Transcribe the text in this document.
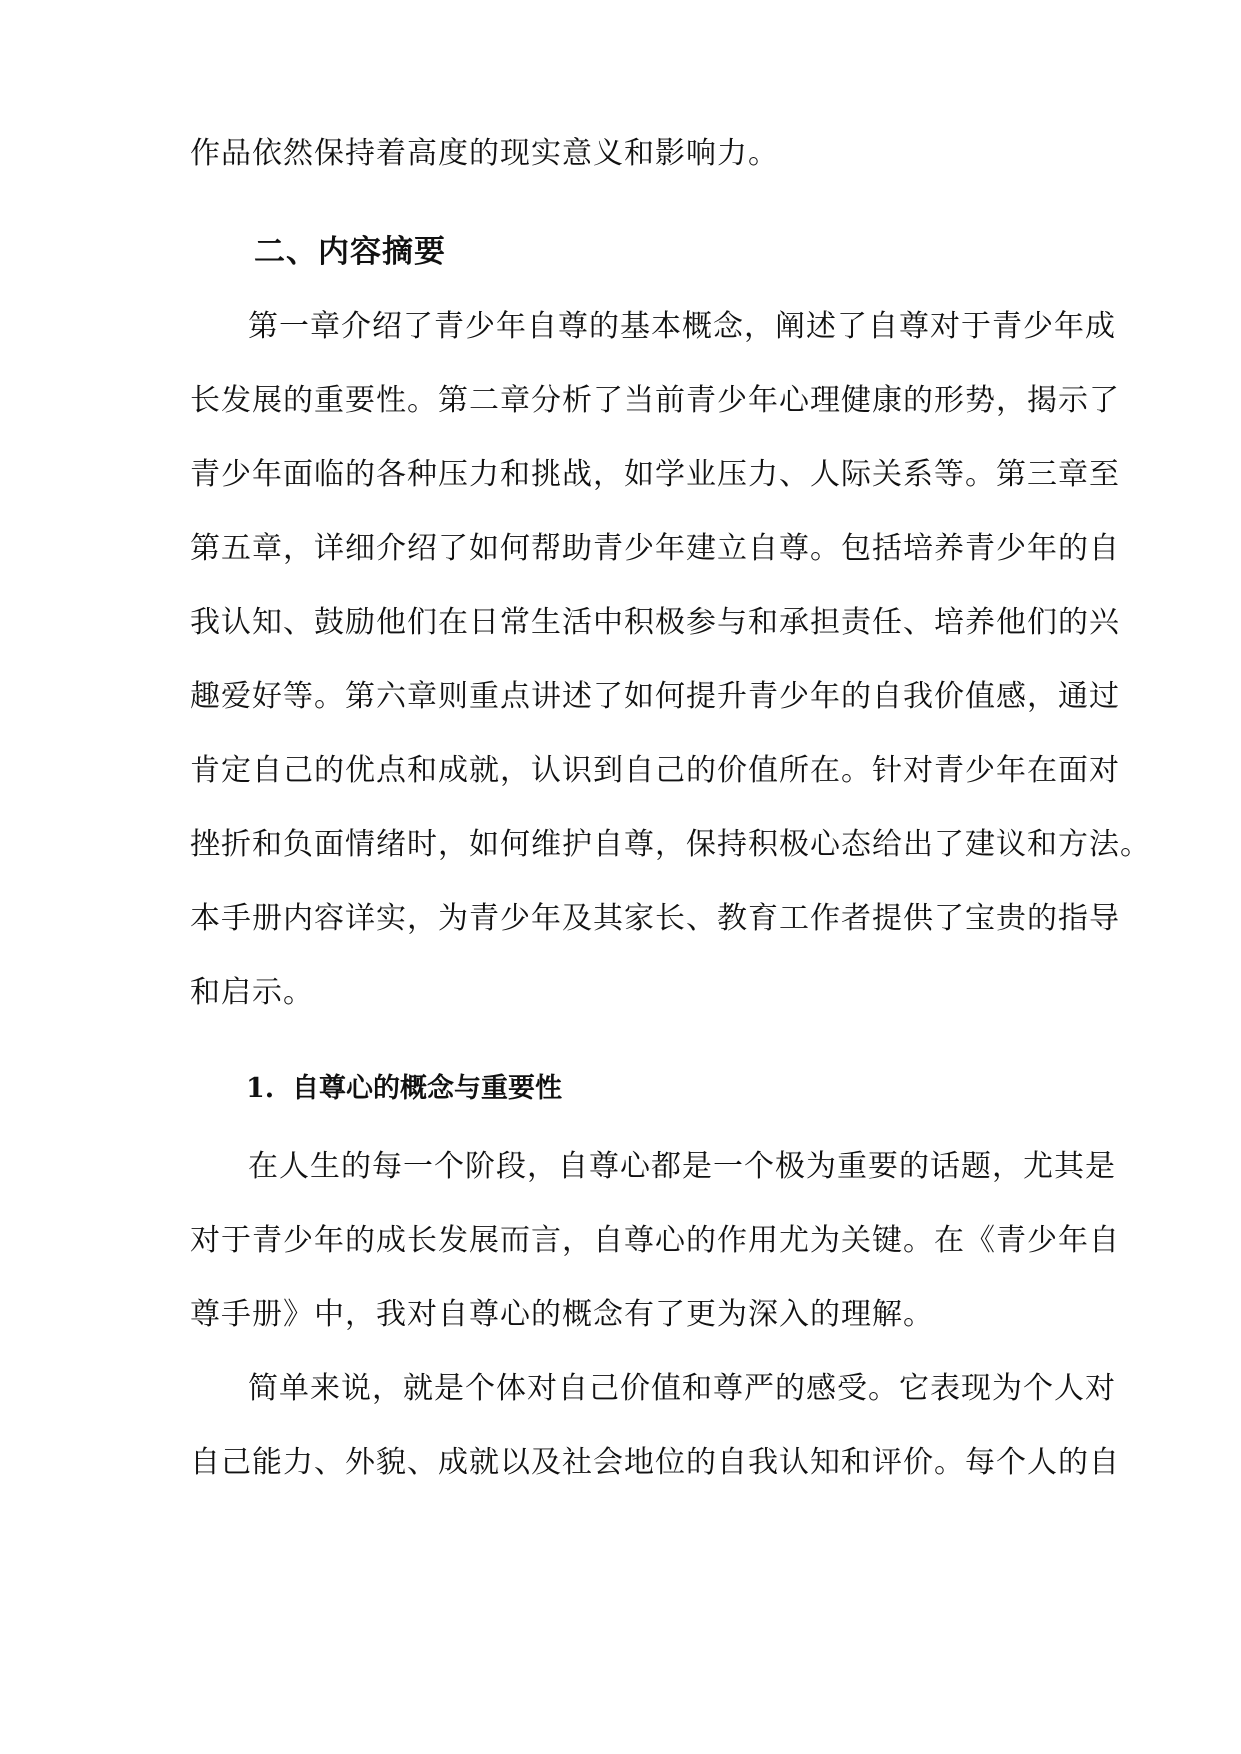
作品依然保持着高度的现实意义和影响力。
二、内容摘要
第一章介绍了青少年自尊的基本概念，阐述了自尊对于青少年成
长发展的重要性。第二章分析了当前青少年心理健康的形势，揭示了
青少年面临的各种压力和挑战，如学业压力、人际关系等。第三章至
第五章，详细介绍了如何帮助青少年建立自尊。包括培养青少年的自
我认知、鼓励他们在日常生活中积极参与和承担责任、培养他们的兴
趣爱好等。第六章则重点讲述了如何提升青少年的自我价值感，通过
肯定自己的优点和成就，认识到自己的价值所在。针对青少年在面对
挫折和负面情绪时，如何维护自尊，保持积极心态给出了建议和方法。
本手册内容详实，为青少年及其家长、教育工作者提供了宝贵的指导
和启示。
1. 自尊心的概念与重要性
在人生的每一个阶段，自尊心都是一个极为重要的话题，尤其是
对于青少年的成长发展而言，自尊心的作用尤为关键。在《青少年自
尊手册》中，我对自尊心的概念有了更为深入的理解。
简单来说，就是个体对自己价值和尊严的感受。它表现为个人对
自己能力、外貌、成就以及社会地位的自我认知和评价。每个人的自
